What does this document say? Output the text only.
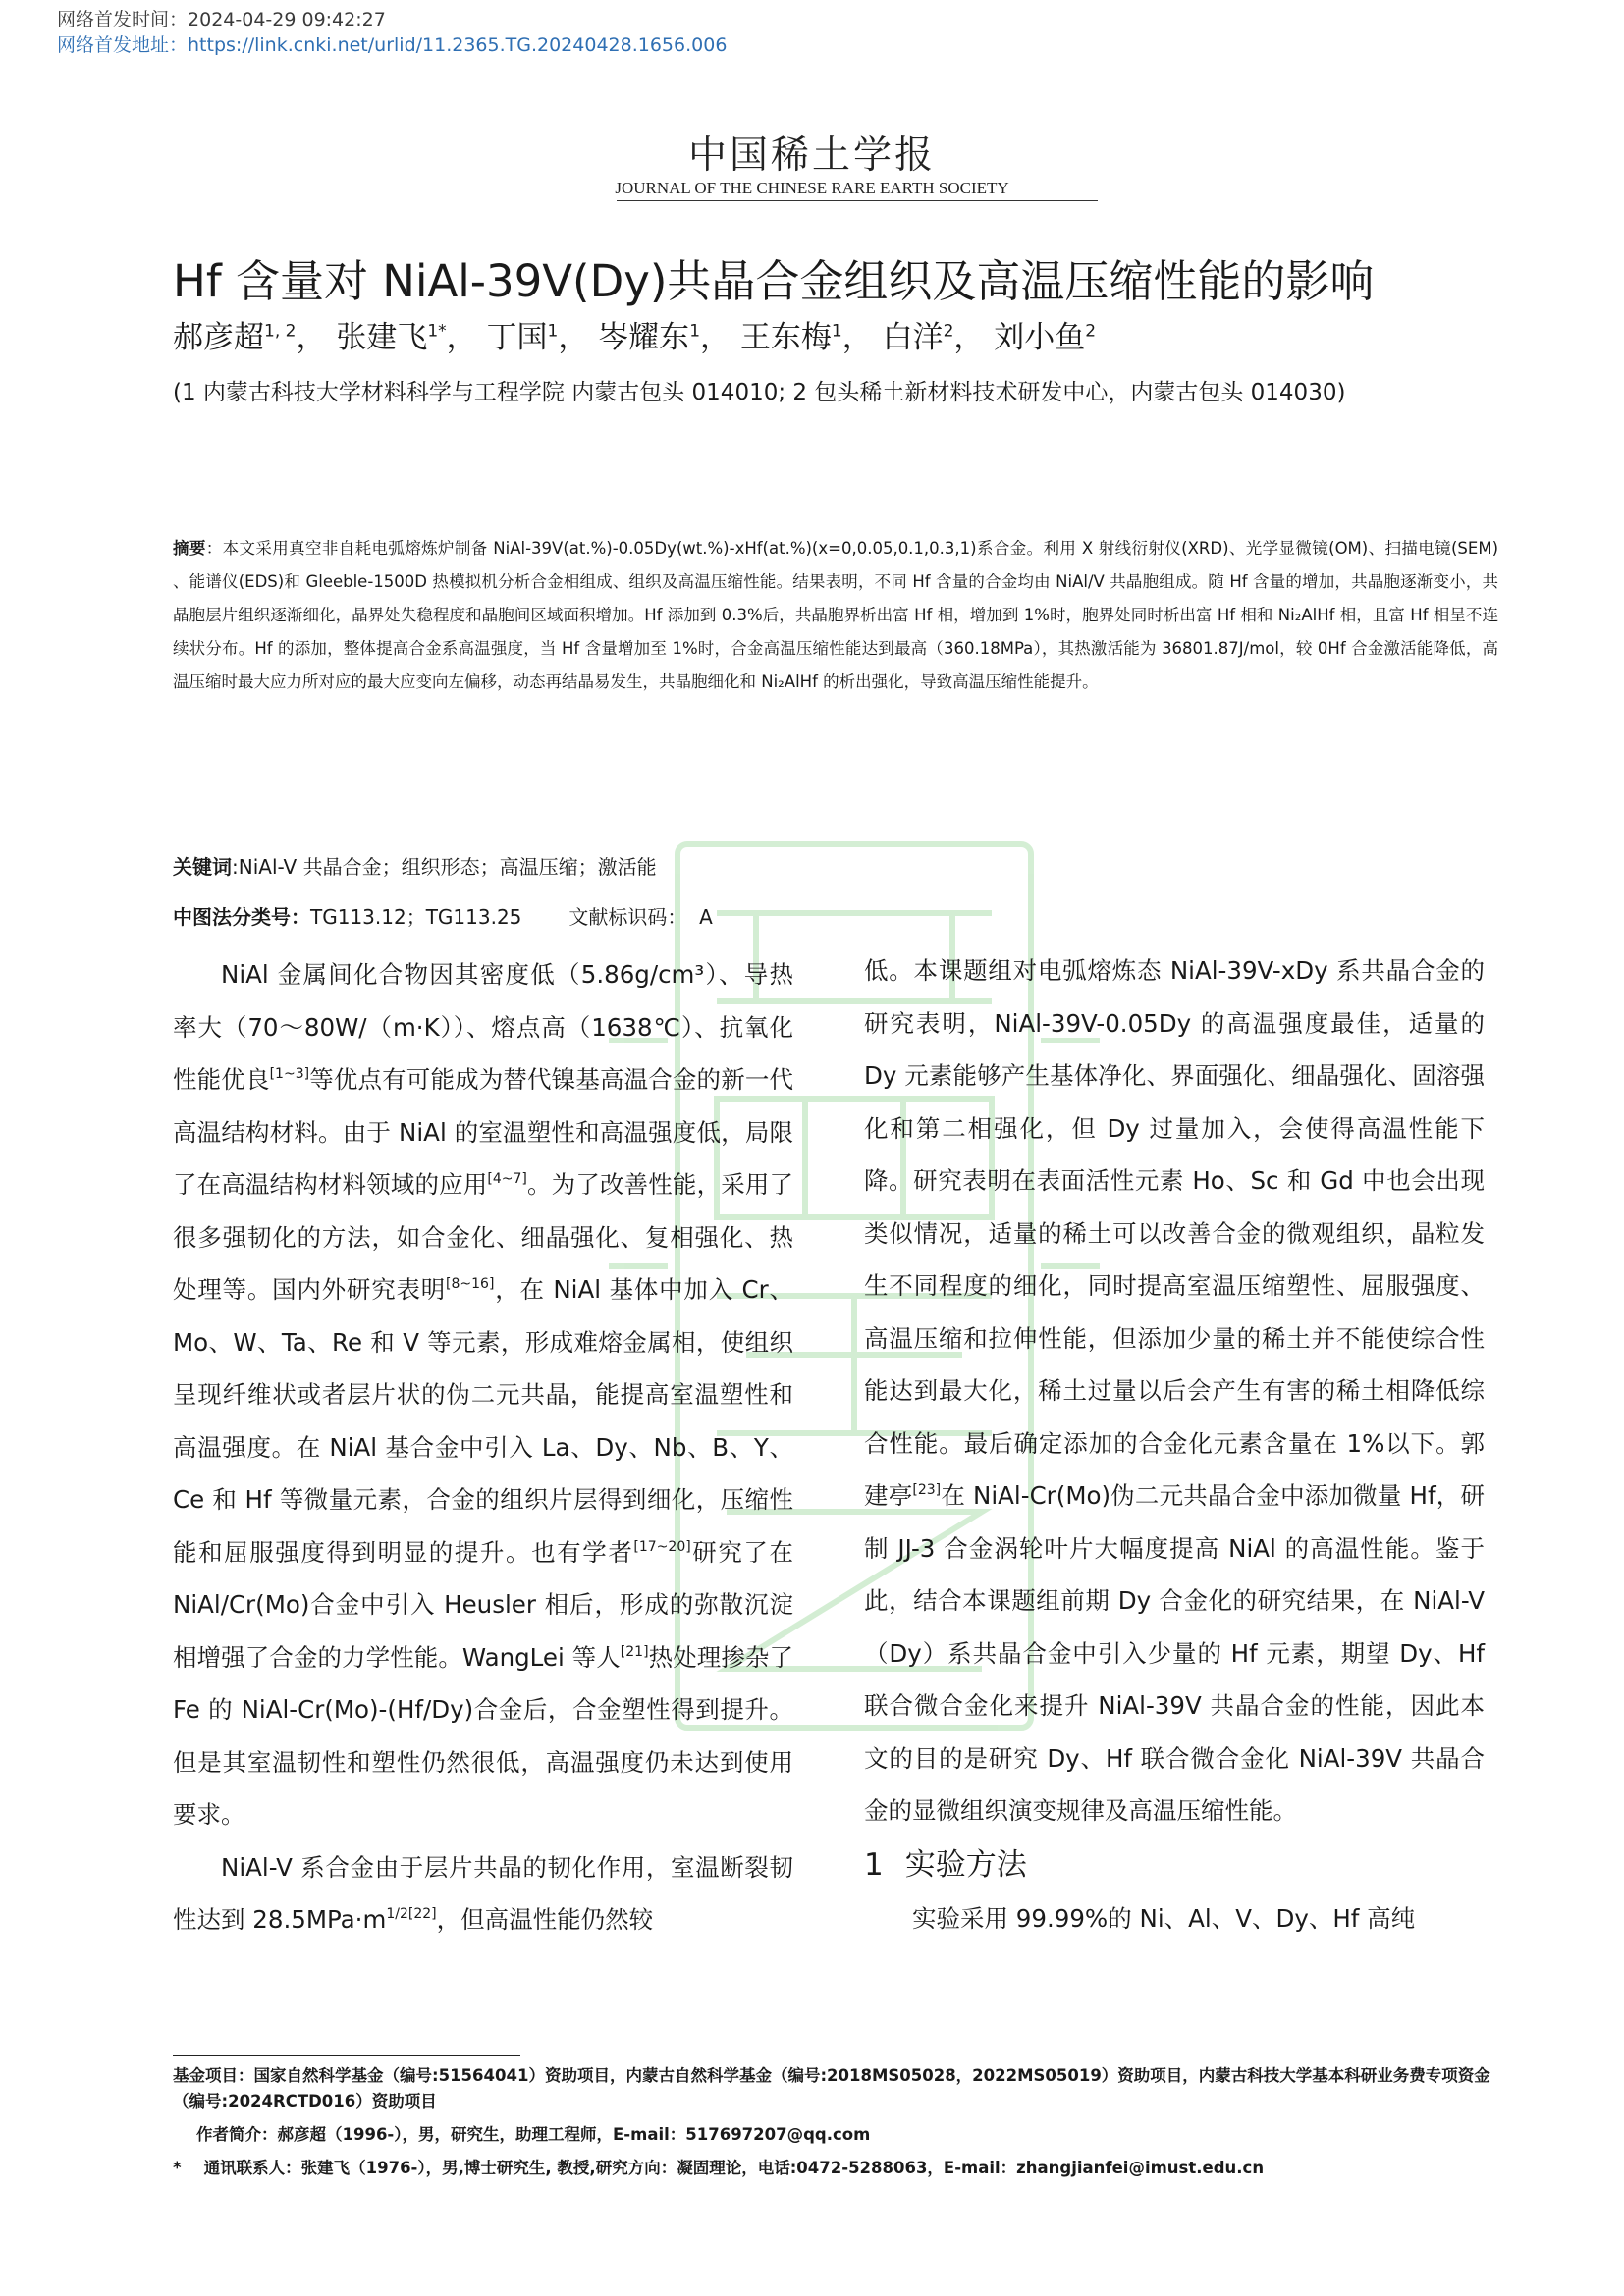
网络首发时间：2024-04-29 09:42:27
网络首发地址：https://link.cnki.net/urlid/11.2365.TG.20240428.1656.006
中国稀土学报
JOURNAL OF THE CHINESE RARE EARTH SOCIETY
Hf 含量对 NiAl-39V(Dy)共晶合金组织及高温压缩性能的影响
郝彦超$^{1, 2}$， 张建飞$^{1*}$， 丁国$^1$， 岑耀东$^1$， 王东梅$^1$， 白洋$^2$， 刘小鱼$^2$
(1 内蒙古科技大学材料科学与工程学院 内蒙古包头 014010; 2 包头稀土新材料技术研发中心，内蒙古包头 014030)
摘要：本文采用真空非自耗电弧熔炼炉制备 NiAl-39V(at.%)-0.05Dy(wt.%)-xHf(at.%)(x=0,0.05,0.1,0.3,1)系合金。利用 X 射线衍射仪(XRD)、光学显微镜(OM)、扫描电镜(SEM) 、能谱仪(EDS)和 Gleeble-1500D 热模拟机分析合金相组成、组织及高温压缩性能。结果表明，不同 Hf 含量的合金均由 NiAl/V 共晶胞组成。随 Hf 含量的增加，共晶胞逐渐变小，共晶胞层片组织逐渐细化，晶界处失稳程度和晶胞间区域面积增加。Hf 添加到 0.3%后，共晶胞界析出富 Hf 相，增加到 1%时，胞界处同时析出富 Hf 相和 Ni₂AlHf 相，且富 Hf 相呈不连续状分布。Hf 的添加，整体提高合金系高温强度，当 Hf 含量增加至 1%时，合金高温压缩性能达到最高（360.18MPa），其热激活能为 36801.87J/mol，较 0Hf 合金激活能降低，高温压缩时最大应力所对应的最大应变向左偏移，动态再结晶易发生，共晶胞细化和 Ni₂AlHf 的析出强化，导致高温压缩性能提升。
关键词:NiAl-V 共晶合金；组织形态；高温压缩；激活能
中图法分类号：TG113.12；TG113.25 文献标识码： A

NiAl 金属间化合物因其密度低（5.86g/cm³）、导热率大（70～80W/（m·K））、熔点高（1638℃）、抗氧化性能优良[1~3]等优点有可能成为替代镍基高温合金的新一代高温结构材料。由于 NiAl 的室温塑性和高温强度低，局限了在高温结构材料领域的应用[4~7]。为了改善性能，采用了很多强韧化的方法，如合金化、细晶强化、复相强化、热处理等。国内外研究表明[8~16]，在 NiAl 基体中加入 Cr、Mo、W、Ta、Re 和 V 等元素，形成难熔金属相，使组织呈现纤维状或者层片状的伪二元共晶，能提高室温塑性和高温强度。在 NiAl 基合金中引入 La、Dy、Nb、B、Y、Ce 和 Hf 等微量元素，合金的组织片层得到细化，压缩性能和屈服强度得到明显的提升。也有学者[17~20]研究了在 NiAl/Cr(Mo)合金中引入 Heusler 相后，形成的弥散沉淀相增强了合金的力学性能。WangLei 等人[21]热处理掺杂了 Fe 的 NiAl-Cr(Mo)-(Hf/Dy)合金后，合金塑性得到提升。但是其室温韧性和塑性仍然很低，高温强度仍未达到使用要求。

NiAl-V 系合金由于层片共晶的韧化作用，室温断裂韧性达到 28.5MPa·m$^{1/2[22]}$，但高温性能仍然较

低。本课题组对电弧熔炼态 NiAl-39V-xDy 系共晶合金的研究表明，NiAl-39V-0.05Dy 的高温强度最佳，适量的 Dy 元素能够产生基体净化、界面强化、细晶强化、固溶强化和第二相强化，但 Dy 过量加入，会使得高温性能下降。研究表明在表面活性元素 Ho、Sc 和 Gd 中也会出现类似情况，适量的稀土可以改善合金的微观组织，晶粒发生不同程度的细化，同时提高室温压缩塑性、屈服强度、高温压缩和拉伸性能，但添加少量的稀土并不能使综合性能达到最大化，稀土过量以后会产生有害的稀土相降低综合性能。最后确定添加的合金化元素含量在 1%以下。郭建亭[23]在 NiAl-Cr(Mo)伪二元共晶合金中添加微量 Hf，研制 JJ-3 合金涡轮叶片大幅度提高 NiAl 的高温性能。鉴于此，结合本课题组前期 Dy 合金化的研究结果，在 NiAl-V（Dy）系共晶合金中引入少量的 Hf 元素，期望 Dy、Hf 联合微合金化来提升 NiAl-39V 共晶合金的性能，因此本文的目的是研究 Dy、Hf 联合微合金化 NiAl-39V 共晶合金的显微组织演变规律及高温压缩性能。

1 实验方法

实验采用 99.99%的 Ni、Al、V、Dy、Hf 高纯

基金项目：国家自然科学基金（编号:51564041）资助项目，内蒙古自然科学基金（编号:2018MS05028，2022MS05019）资助项目，内蒙古科技大学基本科研业务费专项资金（编号:2024RCTD016）资助项目
作者简介：郝彦超（1996-），男，研究生，助理工程师，E-mail：517697207@qq.com
* 通讯联系人：张建飞（1976-），男,博士研究生, 教授,研究方向：凝固理论，电话:0472-5288063，E-mail：zhangjianfei@imust.edu.cn
